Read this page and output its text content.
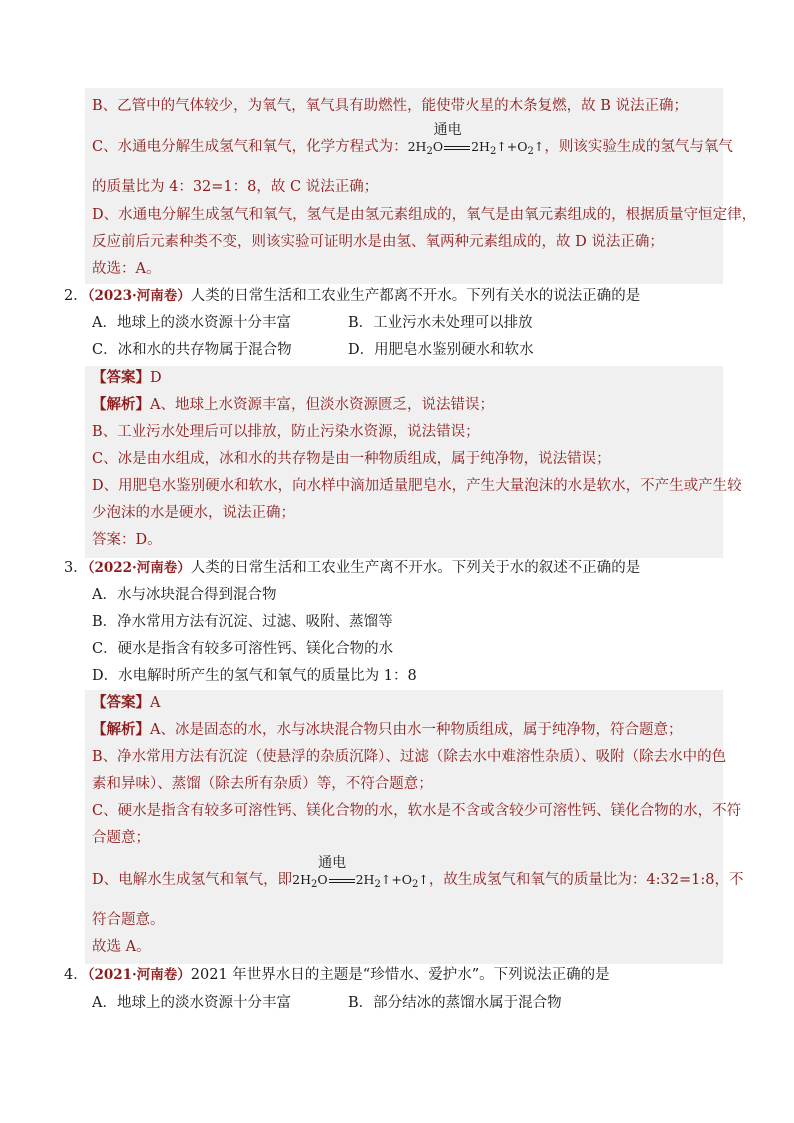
B、乙管中的气体较少，为氧气，氧气具有助燃性，能使带火星的木条复燃，故 B 说法正确；
C、水通电分解生成氢气和氧气，化学方程式为：$2H_2O$
通电
$2H_2↑+O_2↑$，则该实验生成的氢气与氧气
的质量比为 4：32=1：8，故 C 说法正确；
D、水通电分解生成氢气和氧气，氢气是由氢元素组成的，氧气是由氧元素组成的，根据质量守恒定律，
反应前后元素种类不变，则该实验可证明水是由氢、氧两种元素组成的，故 D 说法正确；
故选：A。
2．（2023·河南卷）人类的日常生活和工农业生产都离不开水。下列有关水的说法正确的是
A．地球上的淡水资源十分丰富	B．工业污水未处理可以排放
C．冰和水的共存物属于混合物	D．用肥皂水鉴别硬水和软水
【答案】D
【解析】A、地球上水资源丰富，但淡水资源匮乏，说法错误；
B、工业污水处理后可以排放，防止污染水资源，说法错误；
C、冰是由水组成，冰和水的共存物是由一种物质组成，属于纯净物，说法错误；
D、用肥皂水鉴别硬水和软水，向水样中滴加适量肥皂水，产生大量泡沫的水是软水，不产生或产生较
少泡沫的水是硬水，说法正确；
答案：D。
3．（2022·河南卷）人类的日常生活和工农业生产离不开水。下列关于水的叙述不正确的是
A．水与冰块混合得到混合物
B．净水常用方法有沉淀、过滤、吸附、蒸馏等
C．硬水是指含有较多可溶性钙、镁化合物的水
D．水电解时所产生的氢气和氧气的质量比为 1：8
【答案】A
【解析】A、冰是固态的水，水与冰块混合物只由水一种物质组成，属于纯净物，符合题意；
B、净水常用方法有沉淀（使悬浮的杂质沉降）、过滤（除去水中难溶性杂质）、吸附（除去水中的色
素和异味）、蒸馏（除去所有杂质）等，不符合题意；
C、硬水是指含有较多可溶性钙、镁化合物的水，软水是不含或含较少可溶性钙、镁化合物的水，不符
合题意；
D、电解水生成氢气和氧气，即$2H_2O$
通电
$2H_2↑+O_2↑$，故生成氢气和氧气的质量比为：4:32=1:8，不
符合题意。
故选 A。
4．（2021·河南卷）2021 年世界水日的主题是“珍惜水、爱护水”。下列说法正确的是
A．地球上的淡水资源十分丰富	B．部分结冰的蒸馏水属于混合物
